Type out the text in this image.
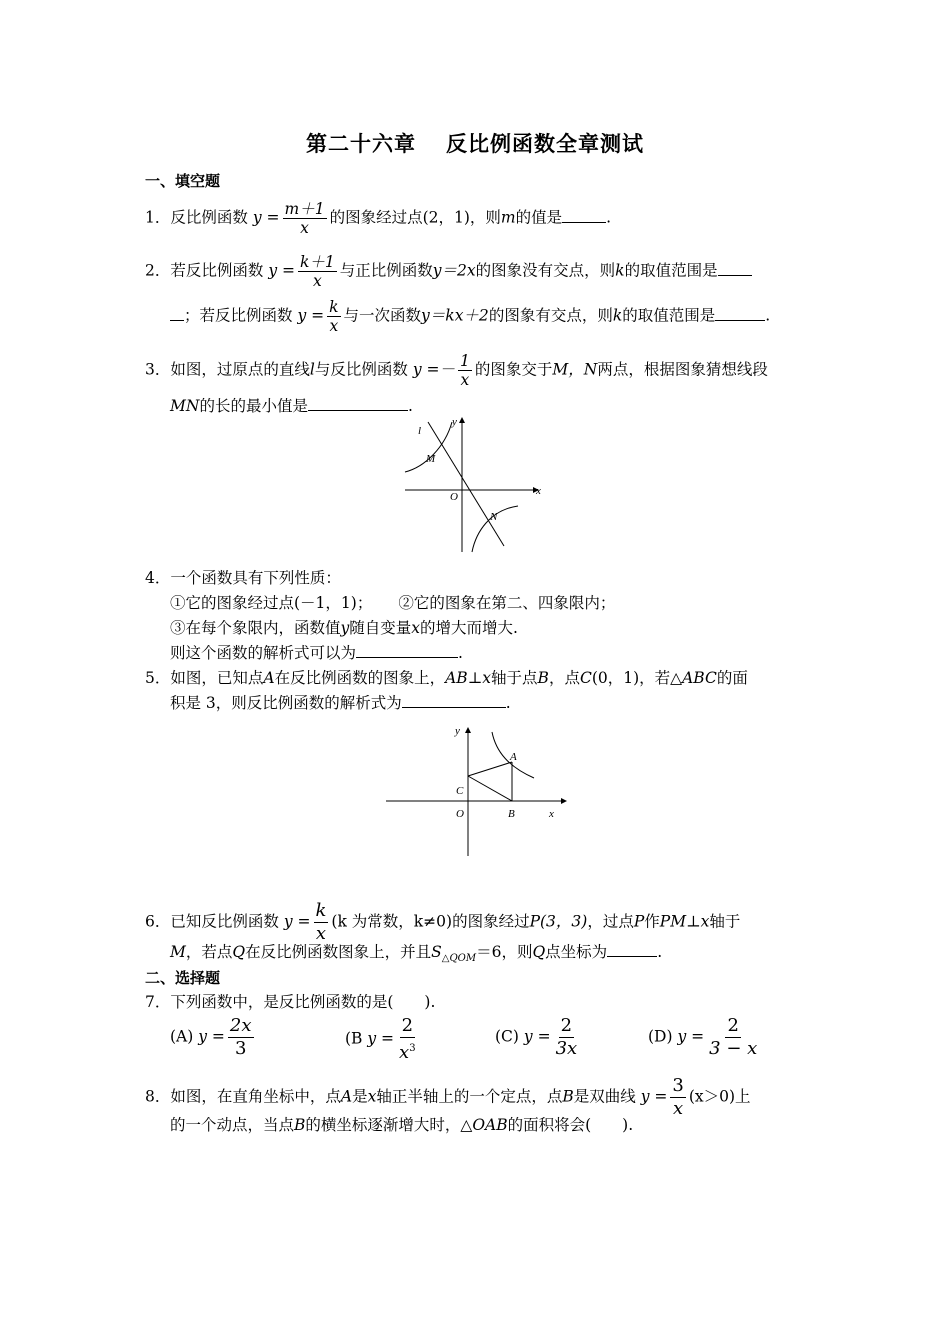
第二十六章 反比例函数全章测试
一、填空题
1．反比例函数 $y = \frac{m+1}{x}$ 的图象经过点(2，1)，则m的值是	.
2．若反比例函数 $y = \frac{k+1}{x}$ 与正比例函数y＝2x的图象没有交点，则k的取值范围是
；若反比例函数 $y = \frac{k}{x}$ 与一次函数y＝kx＋2的图象有交点，则k的取值范围是	.
3．如图，过原点的直线l与反比例函数 $y =- \frac{1}{x}$ 的图象交于M，N两点，根据图象猜想线段
MN的长的最小值是	.
l
y
M
O	x
N
4．一个函数具有下列性质：
①它的图象经过点(－1，1)； ②它的图象在第二、四象限内；
③在每个象限内，函数值y随自变量x的增大而增大.
则这个函数的解析式可以为	.
5．如图，已知点A在反比例函数的图象上，AB⊥x轴于点B，点C(0，1)，若△ABC的面
积是 3，则反比例函数的解析式为	.
y
A
C
O	B	x
6．已知反比例函数 $y = \frac{k}{x} (k$ 为常数，k≠0)的图象经过P(3，3)，过点P作PM⊥x轴于
M，若点Q在反比例函数图象上，并且$S_{\triangle QOM}=6$，则Q点坐标为	.
二、选择题
7．下列函数中，是反比例函数的是(　　).
(A) $y = \frac{2x}{3}$	(B $y = \frac{2}{x^3}$	(C) $y = \frac{2}{3x}$	(D) $y = \frac{2}{3 - x}$
8．如图，在直角坐标中，点A是x轴正半轴上的一个定点，点B是双曲线 $y = \frac{3}{x} (x>0)$上
的一个动点，当点B的横坐标逐渐增大时，△OAB的面积将会(　　).
